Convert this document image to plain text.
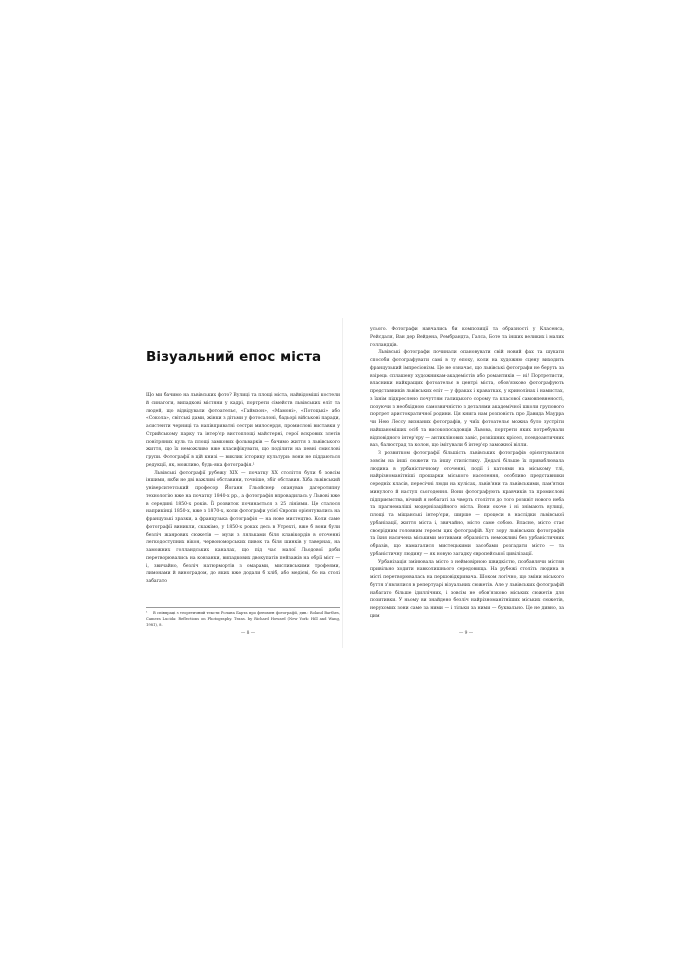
Візуальний епос міста

Що ми бачимо на львівських фото? Вулиці та площі міста, найвідоміші костели й синагоги, випадкові містяни у кадрі, портрети сімейств львівських еліт та людей, що відвідували фотоательє, «Гаймзон», «Мамоні», «Потоцькі» або «Сокола», світські дами, жінки з дітьми у фотосалоні, бадьорі військові паради, асистенти черниці та напівприватні сестри милосердя, промислові виставки у Стрийському парку та інтер'єр вистоплощі майстерні, герої вскрових злетів повітряних куль та площі замкових фольварків — бачимо життя з львівського життя, що їх неможливо вже класифікувати, що поділити на певні смислові групи. Фотографії в цій книзі — виклик історику культури: вони не піддаються редукції, як, можливо, будь-яка фотографія.¹

Львівські фотографії рубежу XIX — початку XX століття були б зовсім іншими, якби не дві важливі обставини, точніше, збіг обставин. Хіба львівський університетський професор Йоганн Гльойснер опанував дагеротипну технологію вже на початку 1840-х рр., а фотографія впровадилась у Львові вже в середині 1850-х років. Її розвиток починається з 25 лініями. Це сталося наприкінці 1850-х, вже з 1870-х, коли фотографи усієї Європи орієнтувались на французькі зразки, а французька фотографія — на нове мистецтво. Коли саме фотографії виникли, скажімо, у 1850-х роках десь в Утрехті, вже б вони були безліч жанрових сюжетів — музи з ляльками біля клавікордів в оточенні легкодоступних вікон, червономорських пивок та біля шинків у тавернах, на заможних голландських каналах, що під час малої Льодової доби перетворювались на ковзанки, випадкових двокупатів пейзажів на обрії міст — і, звичайно, безліч натюрмортів з омарами, мисливськими трофеями, лимонами й виноградом, до яких вже додали б хліб, або медієві, бо на столі забагато

¹ В співпраці з теоретичний тексти Ролана Барта про феномен фотографії, див.: Roland Barthes, Camera Lucida: Reflections on Photography. Trans. by Richard Howard (New York: Hill and Wang, 1981), 8.
— 8 —

усього. Фотографи навчались би композиції та образності у Класенса, Рейсдаля, Ван дер Вейдена, Рембрандта, Галса, Боте та інших великих і малих голландців.

Львівські фотографи починали опановувати свій новий фах та шукати способи фотографувати самі в ту епоху, коли на художню сцену виходить французький імпресіонізм. Це не означає, що львівські фотографи не беруть за взірець сплашену художникам-академістів або романтиків — ні! Портретисти, власники найкращих фотоательє в центрі міста, обов'язково фотографують представників львівських еліт — у фраках і краватках, у кринолінах і намистах, з їхнім підкреслено почуттям галицького сорому та класової самовпевненості, позуючи з необхідною самозвичністю з деталями академічної школи групового портрет аристократичної родини. Ця книга нам розповість про Давида Маурра чи Нею Лессу визнаних фотографів, у чиїх фотоательє можна було зустріти найшаноміших осіб та високопосадовців Львова, портрети яких потребували відповідного інтер'єру — антиклінових завіс, розкішних крісел, псевдоантичних ваз, балюстрад та колон, що імітували б інтер'єр заможної вілли.

З розвитком фотографії більшість львівських фотографів орієнтувалися зовсім на інші сюжети та іншу стилістику. Дедалі більше їх приваблювала людина в урбаністичному оточенні, події і катоями на міському тлі, найрізноманітніші прошарки міського населення, особливо представники середніх класів, пересічні люди на кулісах, львів'яни та львівськими, пам'ятки минулого й наступ сьогодення. Вони фотографують кравчиків та промислові підприємства, вічний я небагаті за чверть століття до того розквіт нового неба та прагнемаліші модернізаційного міста. Вони охоче і ні знімають вулиці, площі та міщанські інтер'єри, ширше — процеси в наслідки львівської урбанізації, життя міста і, звичайно, місто саме собою. Власне, місто стає своєрідним головним героєм цих фотографій. Хут зору львівських фотографів та їхня насичена міськими мотивами образність неможливі без урбаністичних образів, що намагалися мистецькими засобами розгадати місто — та урбаністичну людину — як новую загадку європейської цивілізації.

Урбанізація змінювала місто з неймовірною швидкістю, позбавлячи містян привільно ходити навколишнього середовища. На рубежі століть людина в місті перетворювалась на першовідкривача. Шоком логічно, що зміни міського буття з'являлися в репертуарі візуальних сюжетів. Але у львівських фотографій набагато більше ідиллічних, і зовсім не обов'язково міських сюжетів для позитивки. У ньому ви знайдено безліч найрізноманітніших міських сюжетів, нерухомих зони саме за ними — і тільки за ними — буквально. Це не дивно, за цим

— 9 —
